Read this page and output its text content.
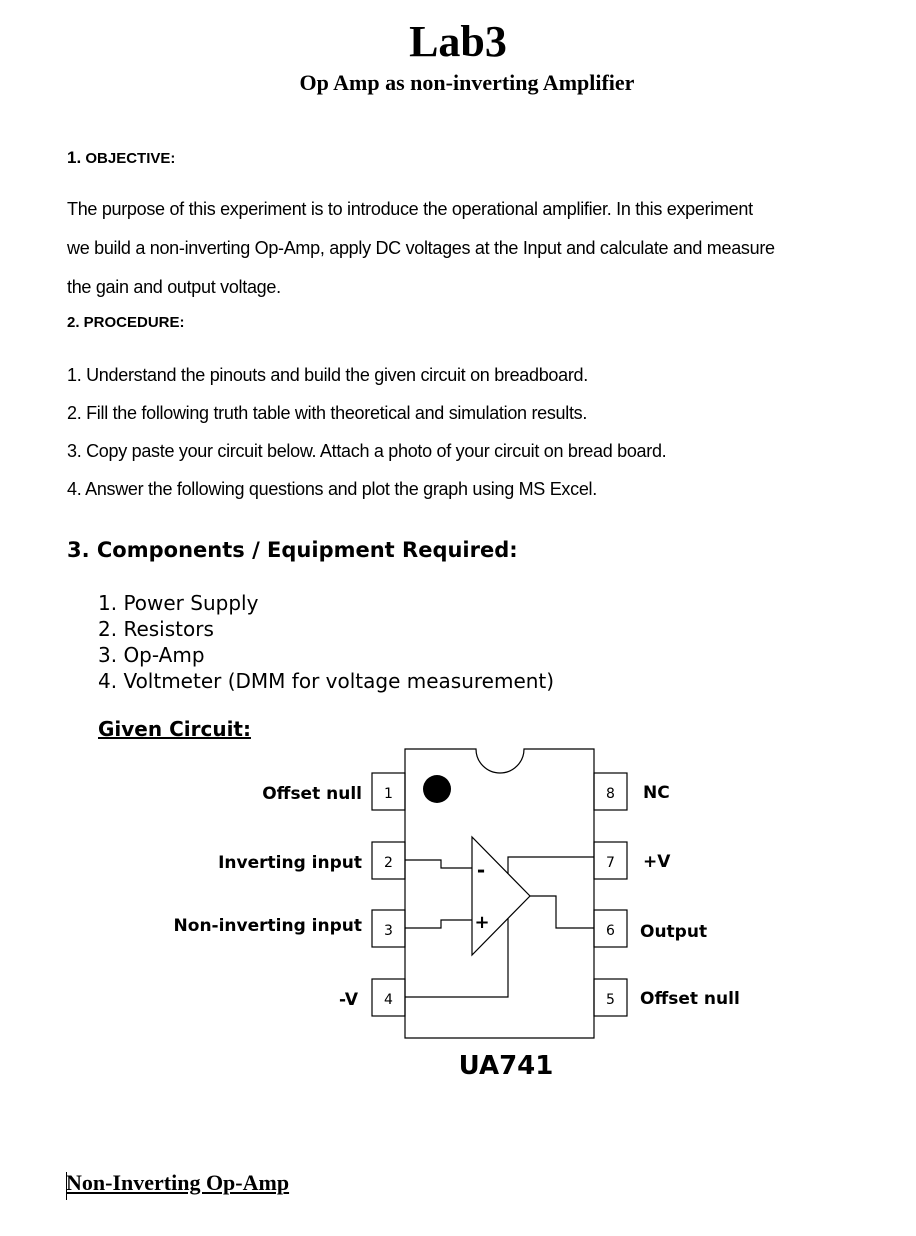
Lab3
Op Amp as non-inverting Amplifier
1. OBJECTIVE:
The purpose of this experiment is to introduce the operational amplifier. In this experiment
we build a non-inverting Op-Amp, apply DC voltages at the Input and calculate and measure
the gain and output voltage.
2. PROCEDURE:
1. Understand the pinouts and build the given circuit on breadboard.
2. Fill the following truth table with theoretical and simulation results.
3. Copy paste your circuit below. Attach a photo of your circuit on bread board.
4. Answer the following questions and plot the graph using MS Excel.
3. Components / Equipment Required:
1. Power Supply
2. Resistors
3. Op-Amp
4. Voltmeter (DMM for voltage measurement)
Given Circuit:
-
+
1
2
3
4
8
7
6
5
Offset null
Inverting input
Non-inverting input
-V
NC
+V
Output
Offset null
UA741
Non-Inverting Op-Amp
